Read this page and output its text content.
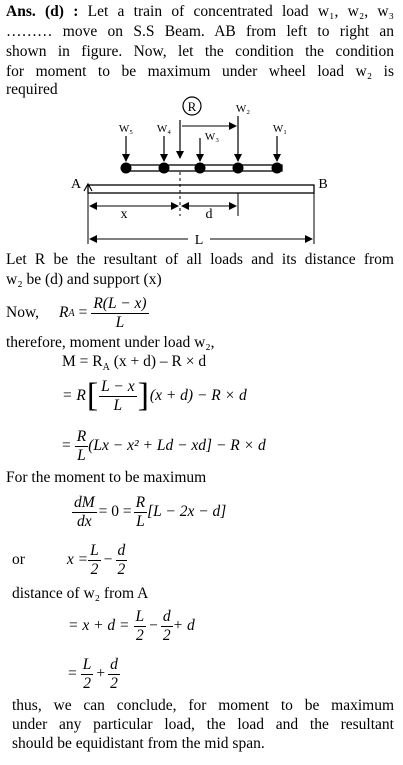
Ans. (d) : Let a train of concentrated load w₁, w₂, w₃
……… move on S.S Beam. AB from left to right an
shown in figure. Now, let the condition the condition
for moment to be maximum under wheel load w₂ is
required
R
W₅ W₄
W₃
W₂
W₁
A	B
x	d
L
Let R be the resultant of all loads and its distance from
w₂ be (d) and support (x)
Now, R $A = \frac{R(L - x)}{L}$
therefore, moment under load w₂,
$M = R_A$ (x + d) – R × d
= R [ $\frac{L - x}{L}$ ] (x + d) − R × d
= $\frac{R}{L} (Lx - x^2 + Ld - xd] - R \times d$
For the moment to be maximum
$\frac{dM}{dx} = 0 = \frac{R}{L} [L - 2x - d]$
or	$x = \frac{L}{2} - \frac{d}{2}$
distance of w₂ from A
= $x + d = \frac{L}{2} - \frac{d}{2} + d$
= $\frac{L}{2} + \frac{d}{2}$
thus, we can conclude, for moment to be maximum
under any particular load, the load and the resultant
should be equidistant from the mid span.
